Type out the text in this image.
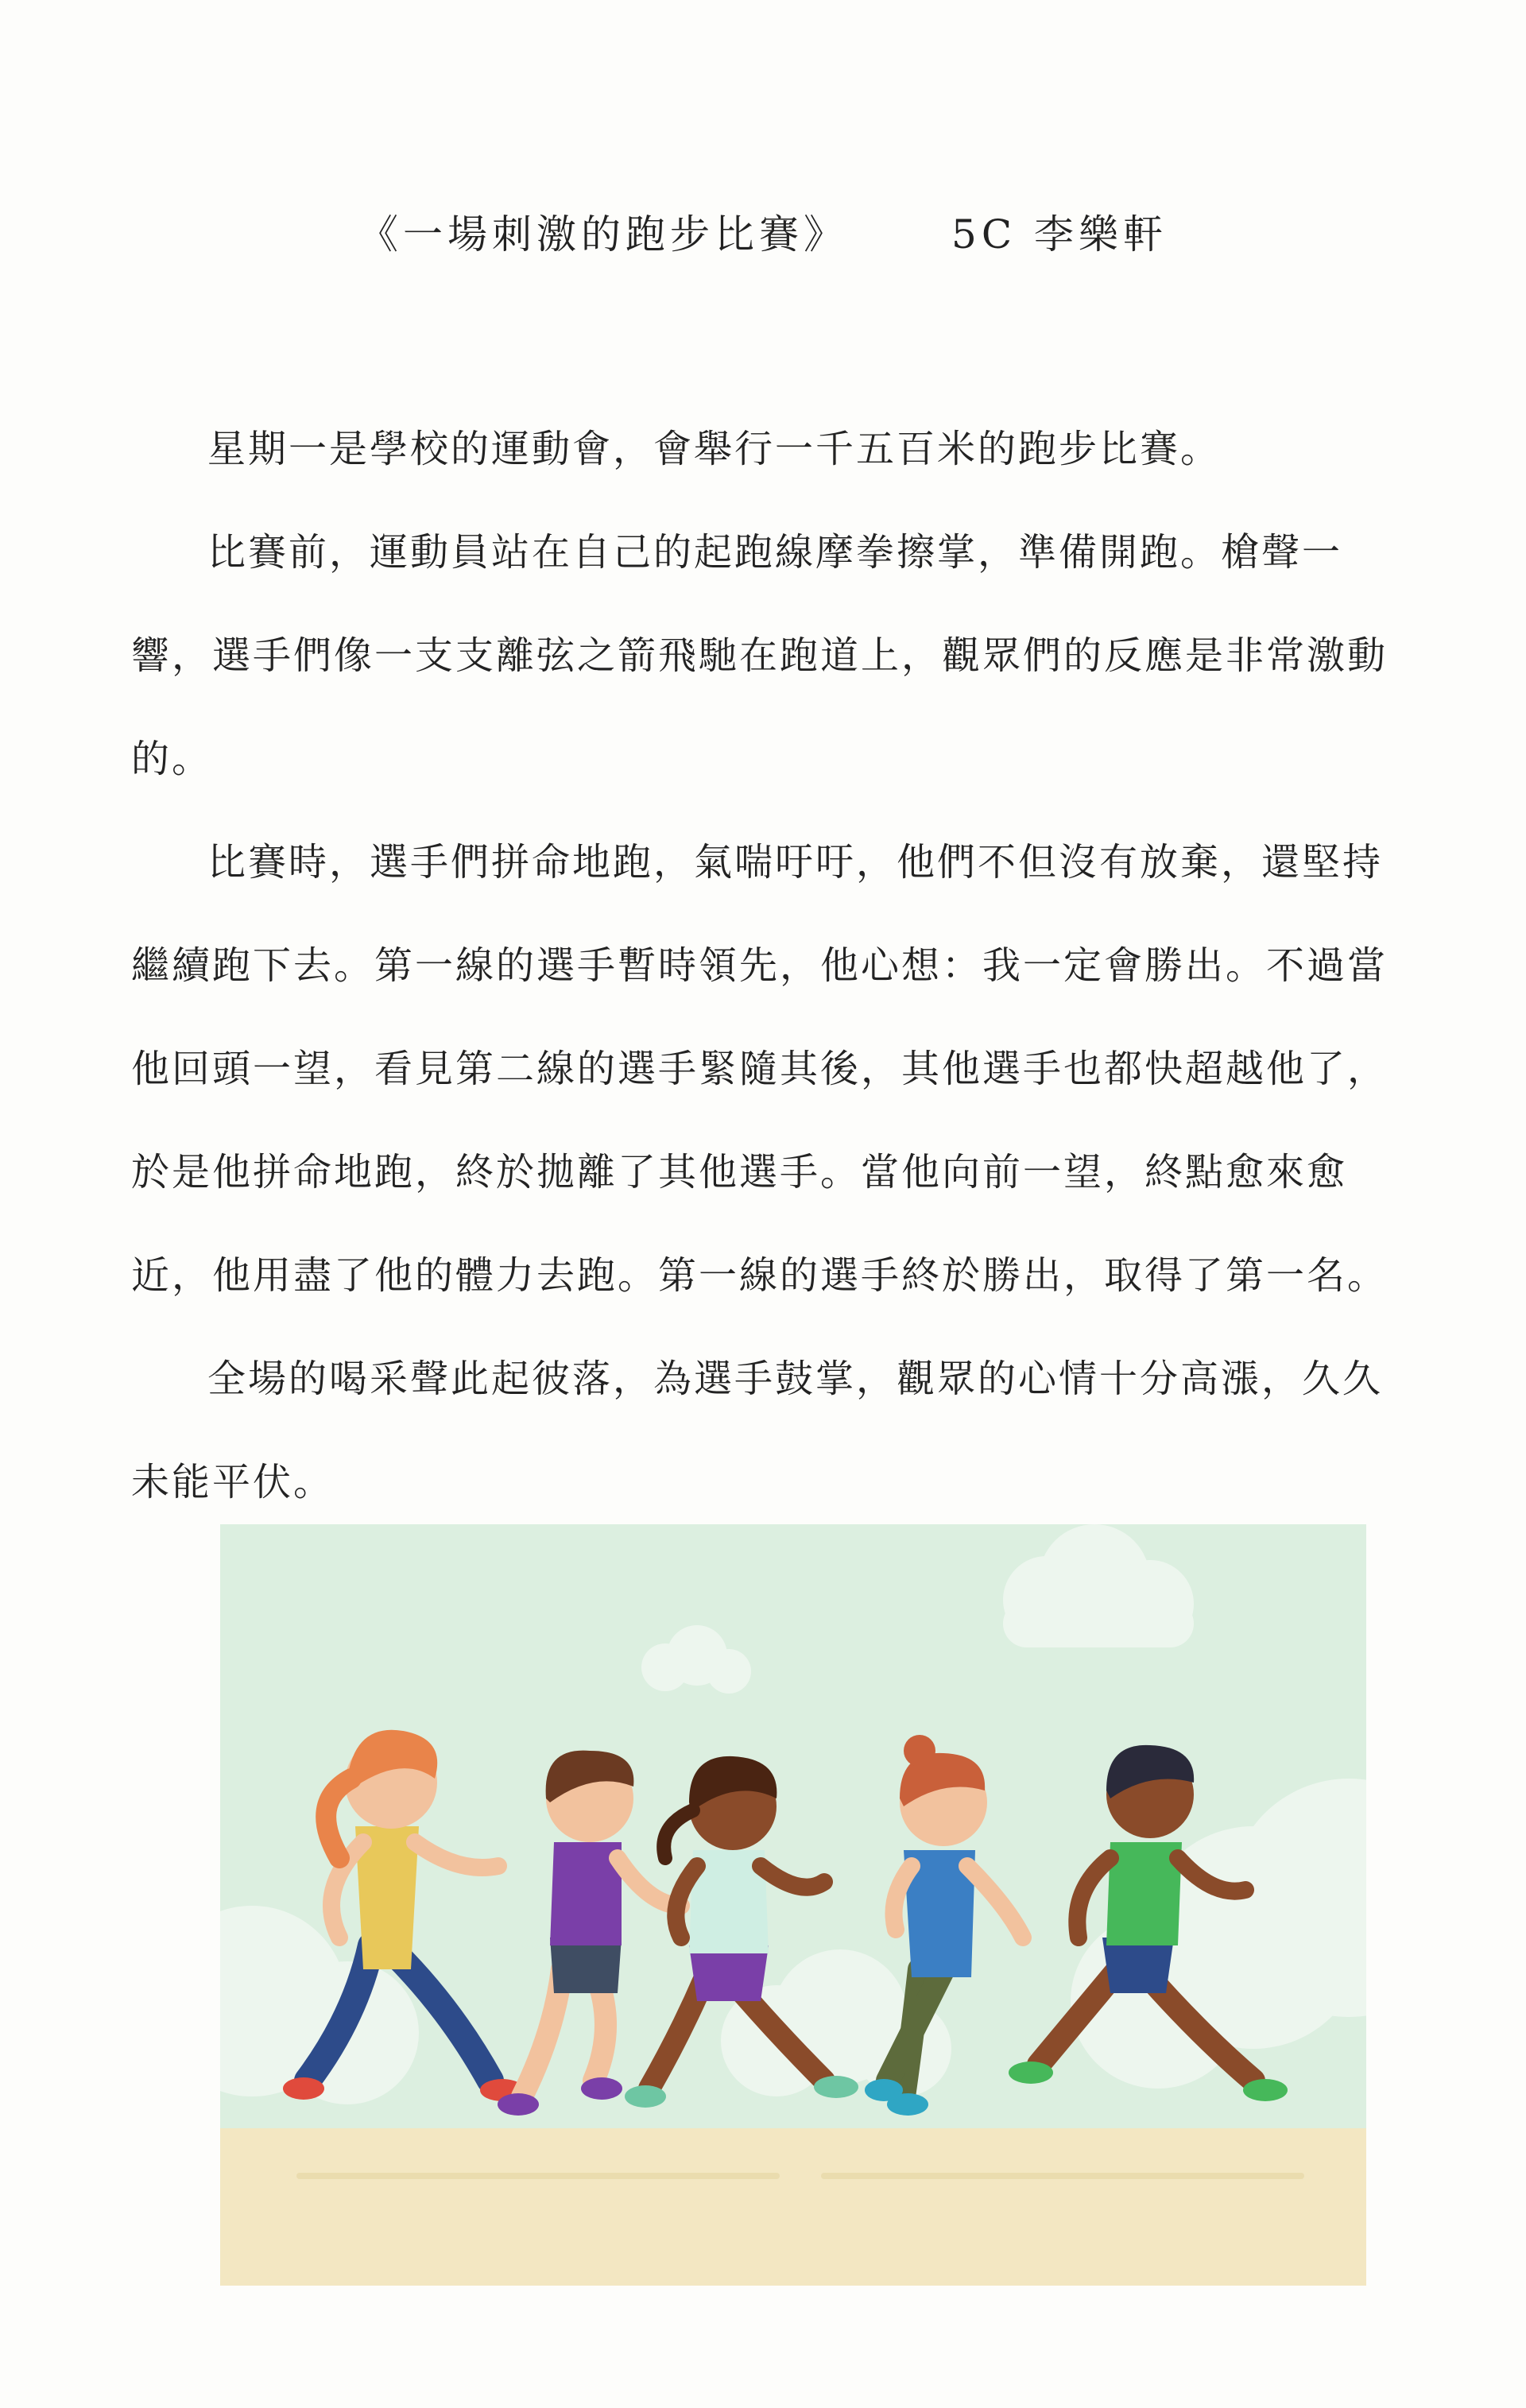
《一場刺激的跑步比賽》	5C 李樂軒

星期一是學校的運動會，會舉行一千五百米的跑步比賽。

比賽前，運動員站在自己的起跑線摩拳擦掌，準備開跑。槍聲一響，選手們像一支支離弦之箭飛馳在跑道上，觀眾們的反應是非常激動的。

比賽時，選手們拼命地跑，氣喘吁吁，他們不但沒有放棄，還堅持繼續跑下去。第一線的選手暫時領先，他心想：我一定會勝出。不過當他回頭一望，看見第二線的選手緊隨其後，其他選手也都快超越他了，於是他拼命地跑，終於拋離了其他選手。當他向前一望，終點愈來愈近，他用盡了他的體力去跑。第一線的選手終於勝出，取得了第一名。

全場的喝采聲此起彼落，為選手鼓掌，觀眾的心情十分高漲，久久未能平伏。
